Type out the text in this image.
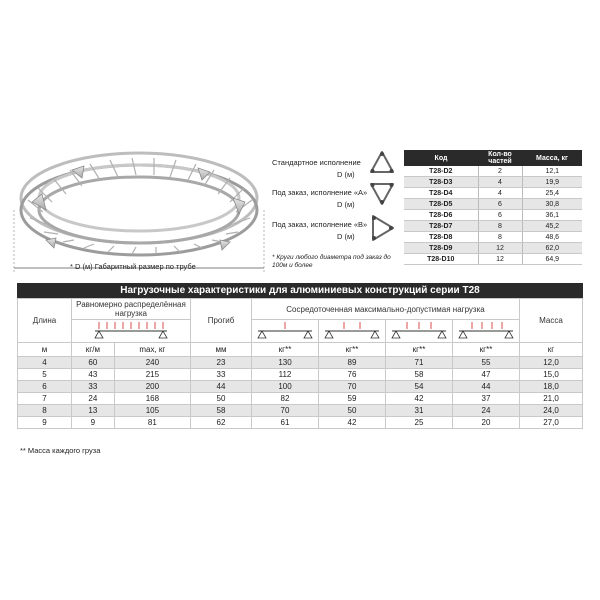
* D (м) Габаритный размер по трубе
Стандартное исполнение
D (м)
Под заказ, исполнение «А»
D (м)
Под заказ, исполнение «В»
D (м)
* Круги любого диаметра под заказ до 100м и более
Код	Кол-во частей	Масса, кг
T28-D2	2	12,1
T28-D3	4	19,9
T28-D4	4	25,4
T28-D5	6	30,8
T28-D6	6	36,1
T28-D7	8	45,2
T28-D8	8	48,6
T28-D9	12	62,0
T28-D10	12	64,9
Нагрузочные характеристики для алюминиевых конструкций серии T28
Длина	Равномерно распределённая нагрузка		Прогиб	Сосредоточенная максимально-допустимая нагрузка				Масса

м	кг/м	max, кг	мм	кг**	кг**	кг**	кг**	кг
4	60	240	23	130	89	71	55	12,0
5	43	215	33	112	76	58	47	15,0
6	33	200	44	100	70	54	44	18,0
7	24	168	50	82	59	42	37	21,0
8	13	105	58	70	50	31	24	24,0
9	9	81	62	61	42	25	20	27,0
** Масса каждого груза
